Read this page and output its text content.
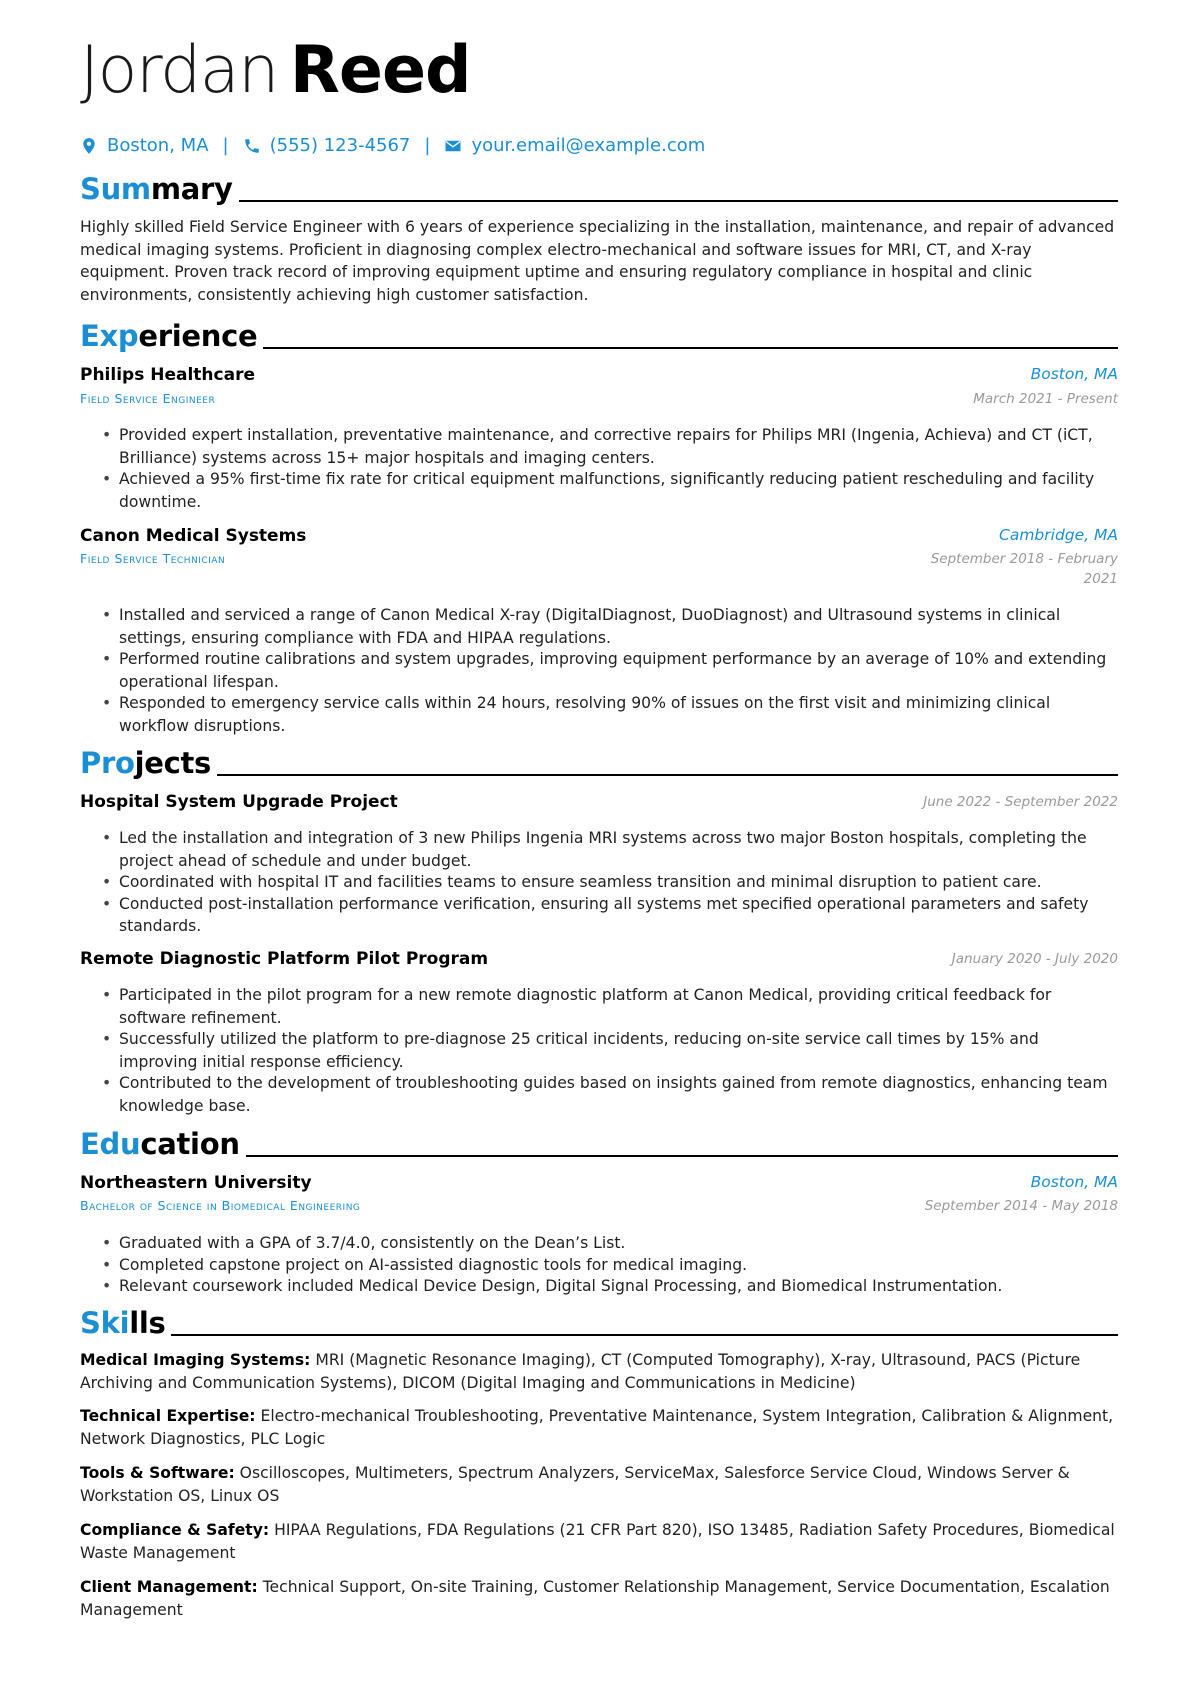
Jordan Reed
Boston, MA | (555) 123-4567 | your.email@example.com
Summary
Highly skilled Field Service Engineer with 6 years of experience specializing in the installation, maintenance, and repair of advanced medical imaging systems. Proficient in diagnosing complex electro-mechanical and software issues for MRI, CT, and X-ray equipment. Proven track record of improving equipment uptime and ensuring regulatory compliance in hospital and clinic environments, consistently achieving high customer satisfaction.
Experience
Philips Healthcare	Boston, MA
Field Service Engineer	March 2021 - Present
• Provided expert installation, preventative maintenance, and corrective repairs for Philips MRI (Ingenia, Achieva) and CT (iCT, Brilliance) systems across 15+ major hospitals and imaging centers.
• Achieved a 95% first-time fix rate for critical equipment malfunctions, significantly reducing patient rescheduling and facility downtime.
Canon Medical Systems	Cambridge, MA
Field Service Technician	September 2018 - February 2021
• Installed and serviced a range of Canon Medical X-ray (DigitalDiagnost, DuoDiagnost) and Ultrasound systems in clinical settings, ensuring compliance with FDA and HIPAA regulations.
• Performed routine calibrations and system upgrades, improving equipment performance by an average of 10% and extending operational lifespan.
• Responded to emergency service calls within 24 hours, resolving 90% of issues on the first visit and minimizing clinical workflow disruptions.
Projects
Hospital System Upgrade Project	June 2022 - September 2022
• Led the installation and integration of 3 new Philips Ingenia MRI systems across two major Boston hospitals, completing the project ahead of schedule and under budget.
• Coordinated with hospital IT and facilities teams to ensure seamless transition and minimal disruption to patient care.
• Conducted post-installation performance verification, ensuring all systems met specified operational parameters and safety standards.
Remote Diagnostic Platform Pilot Program	January 2020 - July 2020
• Participated in the pilot program for a new remote diagnostic platform at Canon Medical, providing critical feedback for software refinement.
• Successfully utilized the platform to pre-diagnose 25 critical incidents, reducing on-site service call times by 15% and improving initial response efficiency.
• Contributed to the development of troubleshooting guides based on insights gained from remote diagnostics, enhancing team knowledge base.
Education
Northeastern University	Boston, MA
Bachelor of Science in Biomedical Engineering	September 2014 - May 2018
• Graduated with a GPA of 3.7/4.0, consistently on the Dean’s List.
• Completed capstone project on AI-assisted diagnostic tools for medical imaging.
• Relevant coursework included Medical Device Design, Digital Signal Processing, and Biomedical Instrumentation.
Skills
Medical Imaging Systems: MRI (Magnetic Resonance Imaging), CT (Computed Tomography), X-ray, Ultrasound, PACS (Picture Archiving and Communication Systems), DICOM (Digital Imaging and Communications in Medicine)
Technical Expertise: Electro-mechanical Troubleshooting, Preventative Maintenance, System Integration, Calibration & Alignment, Network Diagnostics, PLC Logic
Tools & Software: Oscilloscopes, Multimeters, Spectrum Analyzers, ServiceMax, Salesforce Service Cloud, Windows Server & Workstation OS, Linux OS
Compliance & Safety: HIPAA Regulations, FDA Regulations (21 CFR Part 820), ISO 13485, Radiation Safety Procedures, Biomedical Waste Management
Client Management: Technical Support, On-site Training, Customer Relationship Management, Service Documentation, Escalation Management
